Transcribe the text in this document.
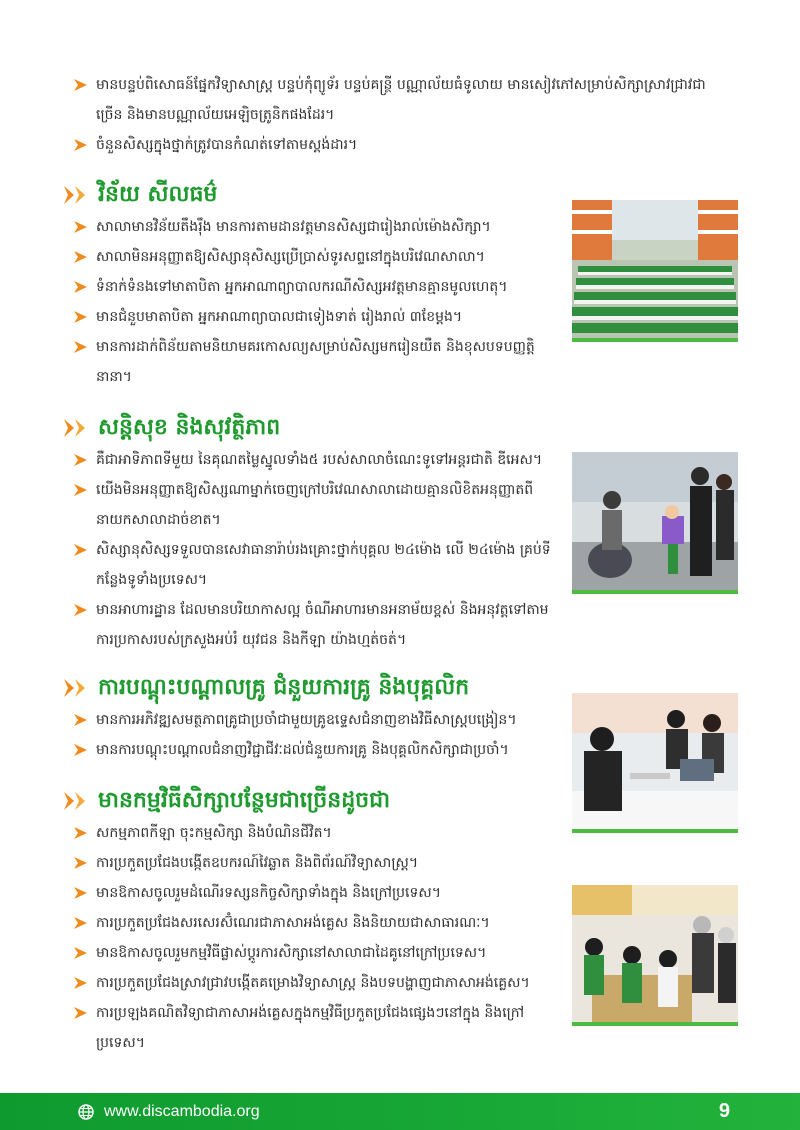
មានបន្ទប់ពិសោធន៍ផ្នែកវិទ្យាសាស្ត្រ បន្ទប់កុំព្យូទ័រ បន្ទប់គន្ថ្រី បណ្ណាល័យធំទូលាយ មានសៀវភៅសម្រាប់សិក្សាស្រាវជ្រាវជាច្រើន និងមានបណ្ណាល័យអេឡិចត្រូនិកផងដែរ។
ចំនួនសិស្សក្នុងថ្នាក់ត្រូវបានកំណត់ទៅតាមស្តង់ដារ។
វិន័យ សីលធម៌
សាលាមានវិន័យតឹងរ៉ឹង មានការតាមដានវត្តមានសិស្សជារៀងរាល់ម៉ោងសិក្សា។
សាលាមិនអនុញ្ញាតឱ្យសិស្សានុសិស្សប្រើប្រាស់ទូរសព្ទនៅក្នុងបរិវេណសាលា។
ទំនាក់ទំនងទៅមាតាបិតា អ្នកអាណាព្យាបាលករណីសិស្សអវត្តមានគ្មានមូលហេតុ។
មានជំនួបមាតាបិតា អ្នកអាណាព្យាបាលជាទៀងទាត់ រៀងរាល់ ៣ខែម្តង។
មានការដាក់ពិន័យតាមនិយាមគរកោសល្យសម្រាប់សិស្សមករៀនយឺត និងខុសបទបញ្ញត្តិនានា។
សន្តិសុខ និងសុវត្ថិភាព
គឺជាអាទិភាពទីមួយ នៃគុណតម្លៃស្នូលទាំង៥ របស់សាលាចំណេះទូទៅអន្តរជាតិ ឌីអេស។
យើងមិនអនុញ្ញាតឱ្យសិស្សណាម្នាក់ចេញក្រៅបរិវេណសាលាដោយគ្មានលិខិតអនុញ្ញាតពីនាយកសាលាដាច់ខាត។
សិស្សានុសិស្សទទួលបានសេវាធានារ៉ាប់រងគ្រោះថ្នាក់បុគ្គល ២៤ម៉ោង លើ ២៤ម៉ោង គ្រប់ទីកន្លែងទូទាំងប្រទេស។
មានអាហារដ្ឋាន ដែលមានបរិយាកាសល្អ ចំណីអាហារមានអនាម័យខ្ពស់ និងអនុវត្តទៅតាមការប្រកាសរបស់ក្រសួងអប់រំ យុវជន និងកីឡា យ៉ាងហ្មត់ចត់។
ការបណ្តុះបណ្តាលគ្រូ ជំនួយការគ្រូ និងបុគ្គលិក
មានការអភិវឌ្ឍសមត្ថភាពគ្រូជាប្រចាំជាមួយគ្រូឧទ្ទេសជំនាញខាងវិធីសាស្ត្របង្រៀន។
មានការបណ្តុះបណ្តាលជំនាញវិជ្ជាជីវៈដល់ជំនួយការគ្រូ និងបុគ្គលិកសិក្សាជាប្រចាំ។
មានកម្មវិធីសិក្សាបន្ថែមជាច្រើនដូចជា
សកម្មភាពកីឡា ចុះកម្មសិក្សា និងបំណិនជីវិត។
ការប្រកួតប្រជែងបង្កើតឧបករណ៍វៃឆ្លាត និងពិព័រណ៍វិទ្យាសាស្ត្រ។
មានឱកាសចូលរួមដំណើរទស្សនកិច្ចសិក្សាទាំងក្នុង និងក្រៅប្រទេស។
ការប្រកួតប្រជែងសរសេរស៊ំណេរជាភាសាអង់គ្លេស និងនិយាយជាសាធារណៈ។
មានឱកាសចូលរួមកម្មវិធីផ្លាស់ប្តូរការសិក្សានៅសាលាជាដៃគូនៅក្រៅប្រទេស។
ការប្រកួតប្រជែងស្រាវជ្រាវបង្កើតគម្រោងវិទ្យាសាស្ត្រ និងបទបង្ហាញជាភាសាអង់គ្លេស។
ការប្រឡងគណិតវិទ្យាជាភាសាអង់គ្លេសក្នុងកម្មវិធីប្រកួតប្រជែងផ្សេងៗនៅក្នុង និងក្រៅប្រទេស។
www.discambodia.org	9
